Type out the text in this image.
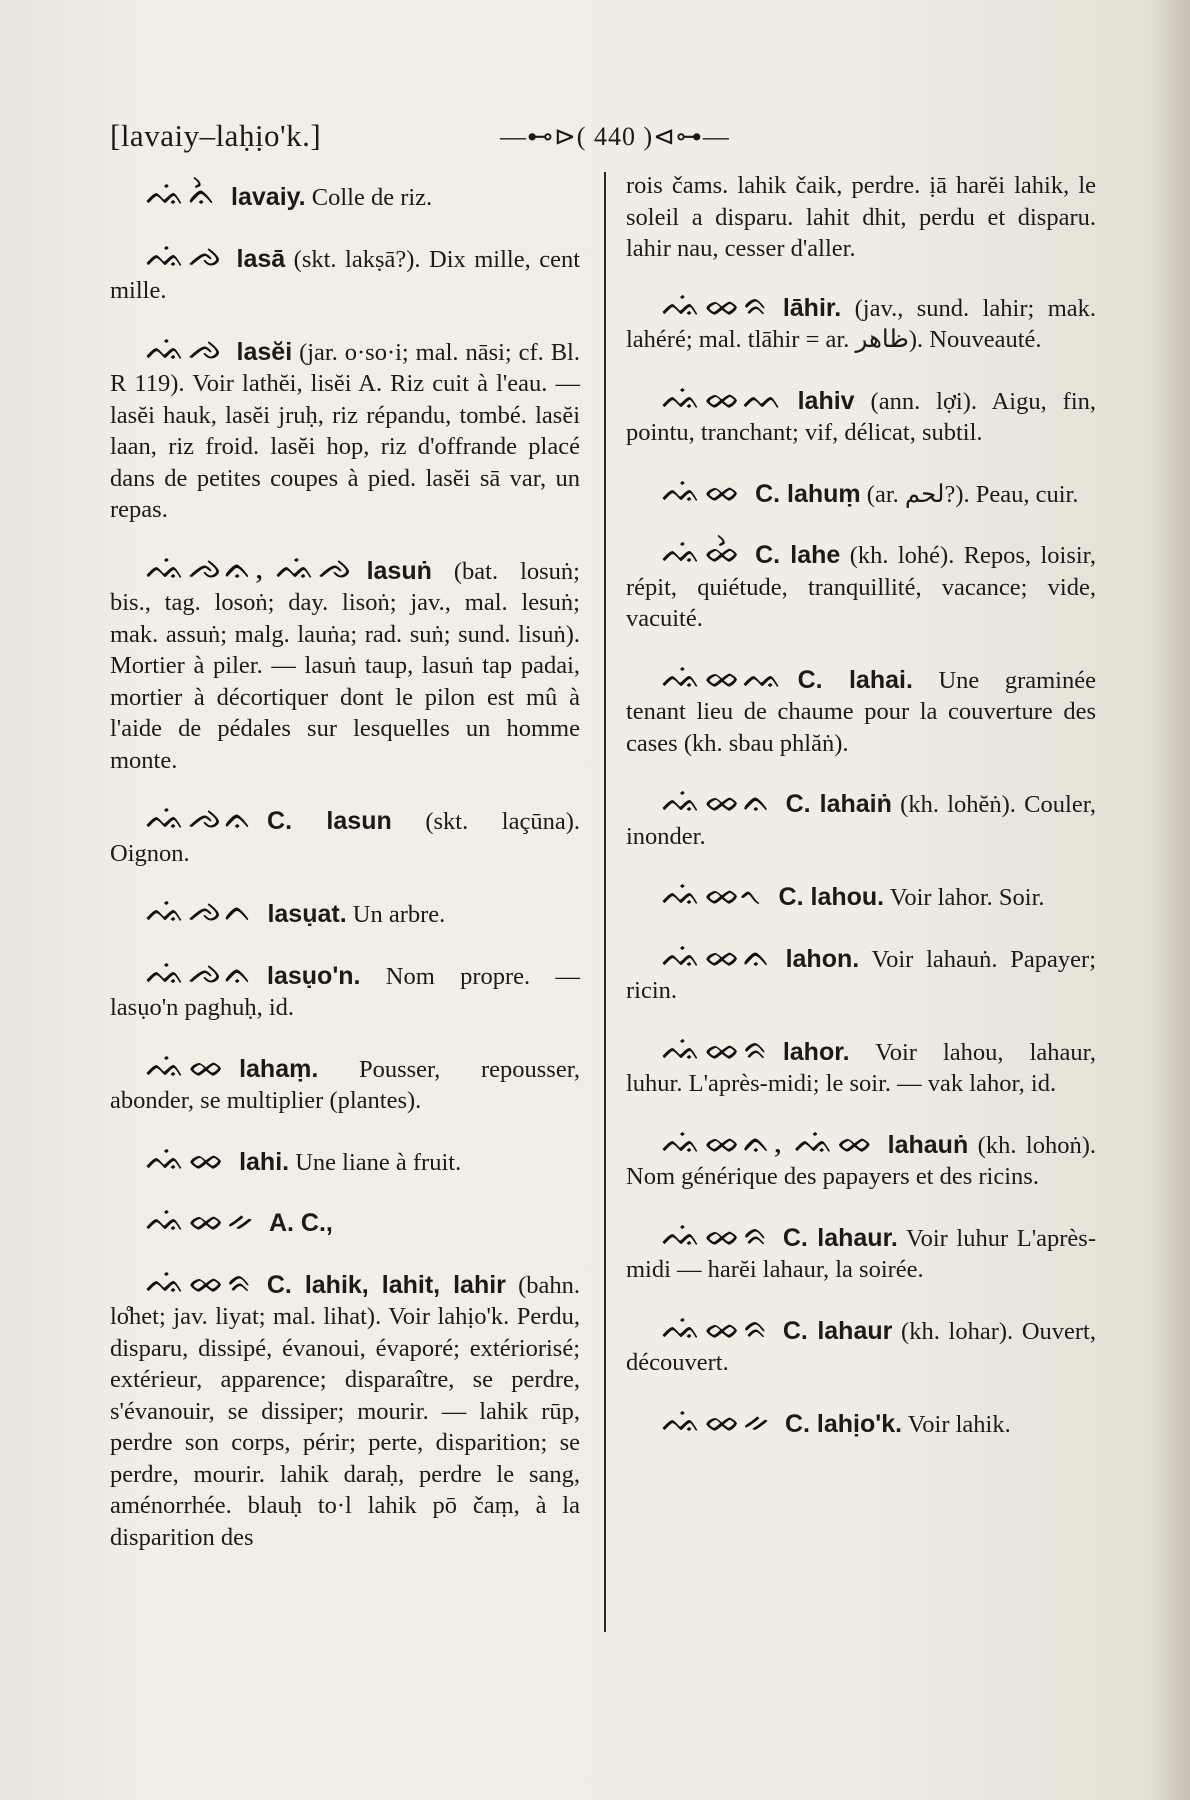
[lavaiy–laḥịo'k.]	—⊷⊳( 440 )⊲⊶—

ᨕᨗᨊᨛ lavaiy. Colle de riz.

ᨕᨗᨌ lasā (skt. lakṣā?). Dix mille, cent mille.

ᨕᨗᨌ lasĕi (jar. o·so·i; mal. nāsi; cf. Bl. R 119). Voir lathĕi, lisĕi A. Riz cuit à l'eau. — lasĕi hauk, lasĕi jruḥ, riz répandu, tombé. lasĕi laan, riz froid. lasĕi hop, riz d'offrande placé dans de petites coupes à pied. lasĕi sā var, un repas.

ᨕᨗᨌᨊ, ᨕᨗᨌ lasuṅ (bat. losuṅ; bis., tag. losoṅ; day. lisoṅ; jav., mal. lesuṅ; mak. assuṅ; malg. lauṅa; rad. suṅ; sund. lisuṅ). Mortier à piler. — lasuṅ taup, lasuṅ tap padai, mortier à décortiquer dont le pilon est mû à l'aide de pédales sur lesquelles un homme monte.

ᨕᨗᨌᨊ C. lasun (skt. laçūna). Oignon.

ᨕᨗᨌᨈ lasụat. Un arbre.

ᨕᨗᨌᨊ lasụo'n. Nom propre. — lasụo'n paghuḥ, id.

ᨕᨗᨖ lahaṃ. Pousser, repousser, abonder, se multiplier (plantes).

ᨕᨗᨖ lahi. Une liane à fruit.

ᨕᨗᨖᨀ A. C.,

ᨕᨗᨖᨑ C. lahik, lahit, lahir (bahn. lo̊het; jav. liyat; mal. lihat). Voir lahịo'k. Perdu, disparu, dissipé, évanoui, évaporé; extériorisé; extérieur, apparence; disparaître, se perdre, s'évanouir, se dissiper; mourir. — lahik rūp, perdre son corps, périr; perte, disparition; se perdre, mourir. lahik daraḥ, perdre le sang, aménorrhée. blauḥ to·l lahik pō čaṃ, à la disparition des

rois čams. lahik čaik, perdre. ịā harĕi lahik, le soleil a disparu. lahit dhit, perdu et disparu. lahir nau, cesser d'aller.

ᨕᨗᨖᨑ lāhir. (jav., sund. lahir; mak. lahéré; mal. tlāhir = ar. ظاهر). Nouveauté.

ᨕᨗᨖᨓ lahiv (ann. lợi). Aigu, fin, pointu, tranchant; vif, délicat, subtil.

ᨕᨗᨖ C. lahuṃ (ar. لحم?). Peau, cuir.

ᨕᨗᨖᨛ C. lahe (kh. lohé). Repos, loisir, répit, quiétude, tranquillité, vacance; vide, vacuité.

ᨕᨗᨖᨕ C. lahai. Une graminée tenant lieu de chaume pour la couverture des cases (kh. sbau phlăṅ).

ᨕᨗᨖᨊ C. lahaiṅ (kh. lohĕṅ). Couler, inonder.

ᨕᨗᨖᨚ C. lahou. Voir lahor. Soir.

ᨕᨗᨖᨊ lahon. Voir lahauṅ. Papayer; ricin.

ᨕᨗᨖᨑ lahor. Voir lahou, lahaur, luhur. L'après-midi; le soir. — vak lahor, id.

ᨕᨗᨖᨊ, ᨕᨗᨖ lahauṅ (kh. lohoṅ). Nom générique des papayers et des ricins.

ᨕᨗᨖᨑ C. lahaur. Voir luhur L'après-midi — harĕi lahaur, la soirée.

ᨕᨗᨖᨑ C. lahaur (kh. lohar). Ouvert, découvert.

ᨕᨗᨖᨀ C. lahịo'k. Voir lahik.
